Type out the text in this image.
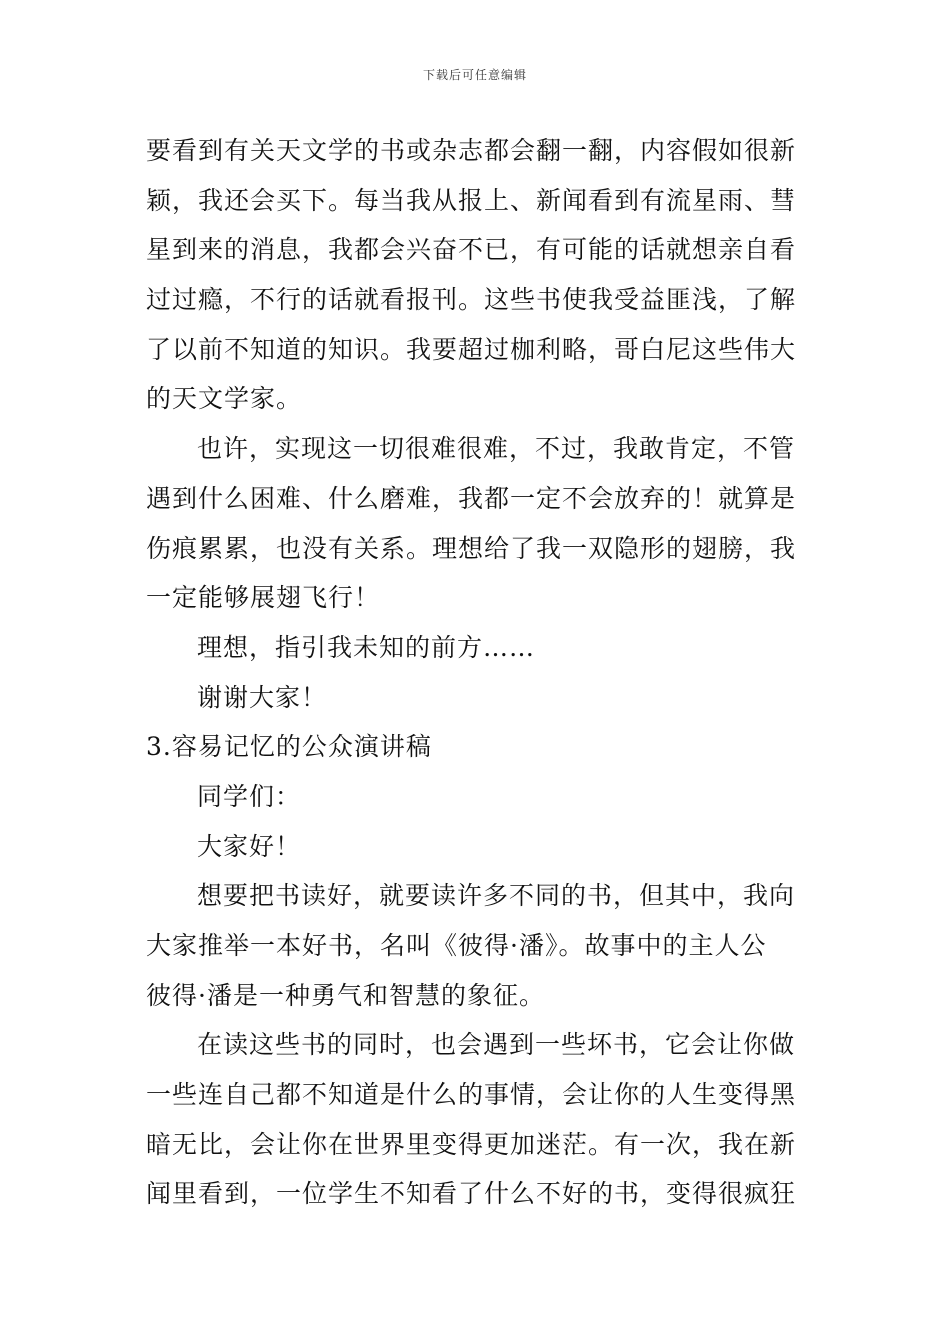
下载后可任意编辑
要看到有关天文学的书或杂志都会翻一翻，内容假如很新
颖，我还会买下。每当我从报上、新闻看到有流星雨、彗
星到来的消息，我都会兴奋不已，有可能的话就想亲自看
过过瘾，不行的话就看报刊。这些书使我受益匪浅，了解
了以前不知道的知识。我要超过枷利略，哥白尼这些伟大
的天文学家。
也许，实现这一切很难很难，不过，我敢肯定，不管
遇到什么困难、什么磨难，我都一定不会放弃的！就算是
伤痕累累，也没有关系。理想给了我一双隐形的翅膀，我
一定能够展翅飞行！
理想，指引我未知的前方……
谢谢大家！
3.容易记忆的公众演讲稿
同学们：
大家好！
想要把书读好，就要读许多不同的书，但其中，我向
大家推举一本好书，名叫《彼得·潘》。故事中的主人公
彼得·潘是一种勇气和智慧的象征。
在读这些书的同时，也会遇到一些坏书，它会让你做
一些连自己都不知道是什么的事情，会让你的人生变得黑
暗无比，会让你在世界里变得更加迷茫。有一次，我在新
闻里看到，一位学生不知看了什么不好的书，变得很疯狂
